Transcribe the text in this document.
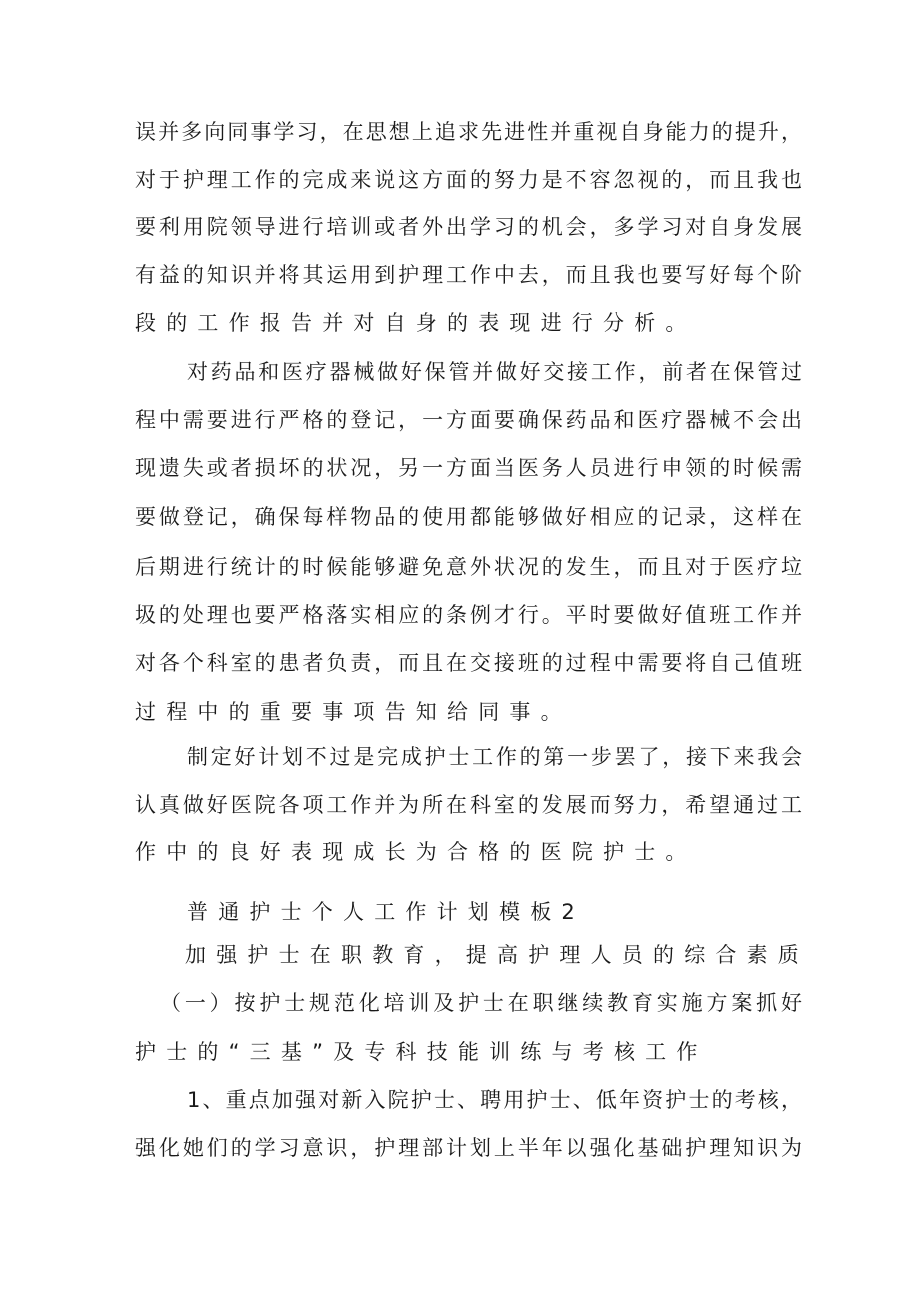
误并多向同事学习，在思想上追求先进性并重视自身能力的提升，
对于护理工作的完成来说这方面的努力是不容忽视的，而且我也
要利用院领导进行培训或者外出学习的机会，多学习对自身发展
有益的知识并将其运用到护理工作中去，而且我也要写好每个阶
段的工作报告并对自身的表现进行分析。
对药品和医疗器械做好保管并做好交接工作，前者在保管过
程中需要进行严格的登记，一方面要确保药品和医疗器械不会出
现遗失或者损坏的状况，另一方面当医务人员进行申领的时候需
要做登记，确保每样物品的使用都能够做好相应的记录，这样在
后期进行统计的时候能够避免意外状况的发生，而且对于医疗垃
圾的处理也要严格落实相应的条例才行。平时要做好值班工作并
对各个科室的患者负责，而且在交接班的过程中需要将自己值班
过程中的重要事项告知给同事。
制定好计划不过是完成护士工作的第一步罢了，接下来我会
认真做好医院各项工作并为所在科室的发展而努力，希望通过工
作中的良好表现成长为合格的医院护士。
普通护士个人工作计划模板2
加强护士在职教育，提高护理人员的综合素质
（一）按护士规范化培训及护士在职继续教育实施方案抓好
护士的“三基”及专科技能训练与考核工作
1、重点加强对新入院护士、聘用护士、低年资护士的考核，
强化她们的学习意识，护理部计划上半年以强化基础护理知识为
